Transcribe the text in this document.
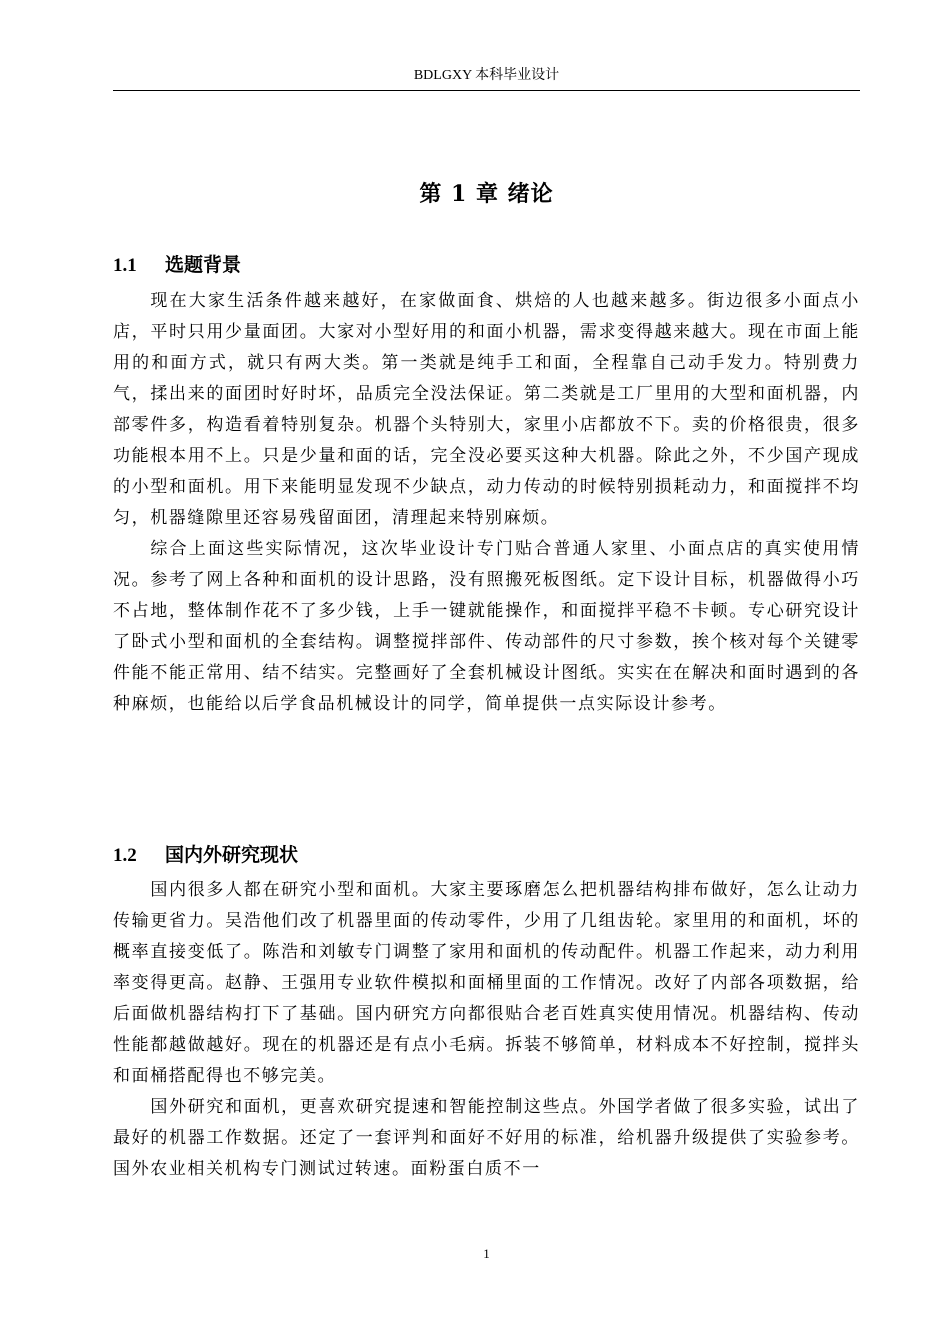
BDLGXY 本科毕业设计
第 1 章 绪论
1.1 选题背景

现在大家生活条件越来越好，在家做面食、烘焙的人也越来越多。街边很多小面点小店，平时只用少量面团。大家对小型好用的和面小机器，需求变得越来越大。现在市面上能用的和面方式，就只有两大类。第一类就是纯手工和面，全程靠自己动手发力。特别费力气，揉出来的面团时好时坏，品质完全没法保证。第二类就是工厂里用的大型和面机器，内部零件多，构造看着特别复杂。机器个头特别大，家里小店都放不下。卖的价格很贵，很多功能根本用不上。只是少量和面的话，完全没必要买这种大机器。除此之外，不少国产现成的小型和面机。用下来能明显发现不少缺点，动力传动的时候特别损耗动力，和面搅拌不均匀，机器缝隙里还容易残留面团，清理起来特别麻烦。

综合上面这些实际情况，这次毕业设计专门贴合普通人家里、小面点店的真实使用情况。参考了网上各种和面机的设计思路，没有照搬死板图纸。定下设计目标，机器做得小巧不占地，整体制作花不了多少钱，上手一键就能操作，和面搅拌平稳不卡顿。专心研究设计了卧式小型和面机的全套结构。调整搅拌部件、传动部件的尺寸参数，挨个核对每个关键零件能不能正常用、结不结实。完整画好了全套机械设计图纸。实实在在解决和面时遇到的各种麻烦，也能给以后学食品机械设计的同学，简单提供一点实际设计参考。

1.2 国内外研究现状

国内很多人都在研究小型和面机。大家主要琢磨怎么把机器结构排布做好，怎么让动力传输更省力。吴浩他们改了机器里面的传动零件，少用了几组齿轮。家里用的和面机，坏的概率直接变低了。陈浩和刘敏专门调整了家用和面机的传动配件。机器工作起来，动力利用率变得更高。赵静、王强用专业软件模拟和面桶里面的工作情况。改好了内部各项数据，给后面做机器结构打下了基础。国内研究方向都很贴合老百姓真实使用情况。机器结构、传动性能都越做越好。现在的机器还是有点小毛病。拆装不够简单，材料成本不好控制，搅拌头和面桶搭配得也不够完美。

国外研究和面机，更喜欢研究提速和智能控制这些点。外国学者做了很多实验，试出了最好的机器工作数据。还定了一套评判和面好不好用的标准，给机器升级提供了实验参考。国外农业相关机构专门测试过转速。面粉蛋白质不一

1
